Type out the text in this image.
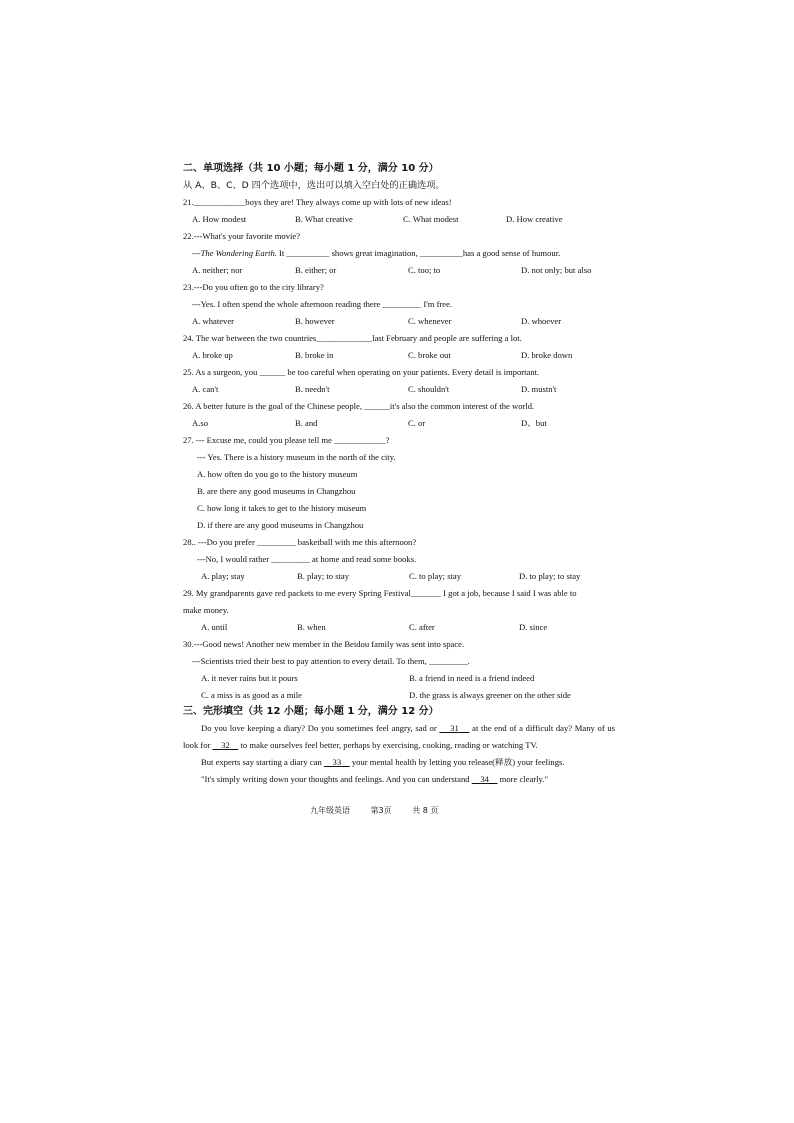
二、单项选择（共 10 小题；每小题 1 分，满分 10 分）
从 A、B、C、D 四个选项中，选出可以填入空白处的正确选项。
21.____________boys they are! They always come up with lots of new ideas!
A. How modest	B. What creative	C. What modest	D. How creative
22.---What's your favorite movie?
---The Wondering Earth. It __________ shows great imagination, __________has a good sense of humour.
A. neither; nor	B. either; or	C. too; to	D. not only; but also
23.---Do you often go to the city library?
---Yes. I often spend the whole afternoon reading there _________ I'm free.
A. whatever	B. however	C. whenever	D. whoever
24. The war between the two countries_____________last February and people are suffering a lot.
A. broke up	B. broke in	C. broke out	D. broke down
25. As a surgeon, you ______ be too careful when operating on your patients. Every detail is important.
A. can't	B. needn't	C. shouldn't	D. mustn't
26. A better future is the goal of the Chinese people, ______it's also the common interest of the world.
A.so	B. and	C. or	D、but
27. --- Excuse me, could you please tell me ____________?
--- Yes. There is a history museum in the north of the city.
A. how often do you go to the history museum
B. are there any good museums in Changzhou
C. how long it takes to get to the history museum
D. if there are any good museums in Changzhou
28.. ---Do you prefer _________ basketball with me this afternoon?
---No, I would rather _________ at home and read some books.
A. play; stay	B. play; to stay	C. to play; stay	D. to play; to stay
29. My grandparents gave red packets to me every Spring Festival_______ I got a job, because I said I was able to
make money.
A. until	B. when	C. after	D. since
30.---Good news! Another new member in the Beidou family was sent into space.
---Scientists tried their best to pay attention to every detail. To them, _________.
A. it never rains but it pours	B. a friend in need is a friend indeed
C. a miss is as good as a mile	D. the grass is always greener on the other side
三、完形填空（共 12 小题；每小题 1 分，满分 12 分）
Do you love keeping a diary? Do you sometimes feel angry, sad or 31 at the end of a difficult day? Many of us look for 32 to make ourselves feel better, perhaps by exercising, cooking, reading or watching TV.
But experts say starting a diary can 33 your mental health by letting you release(释放) your feelings.
"It's simply writing down your thoughts and feelings. And you can understand 34 more clearly."
九年级英语	第3页	共 8 页
